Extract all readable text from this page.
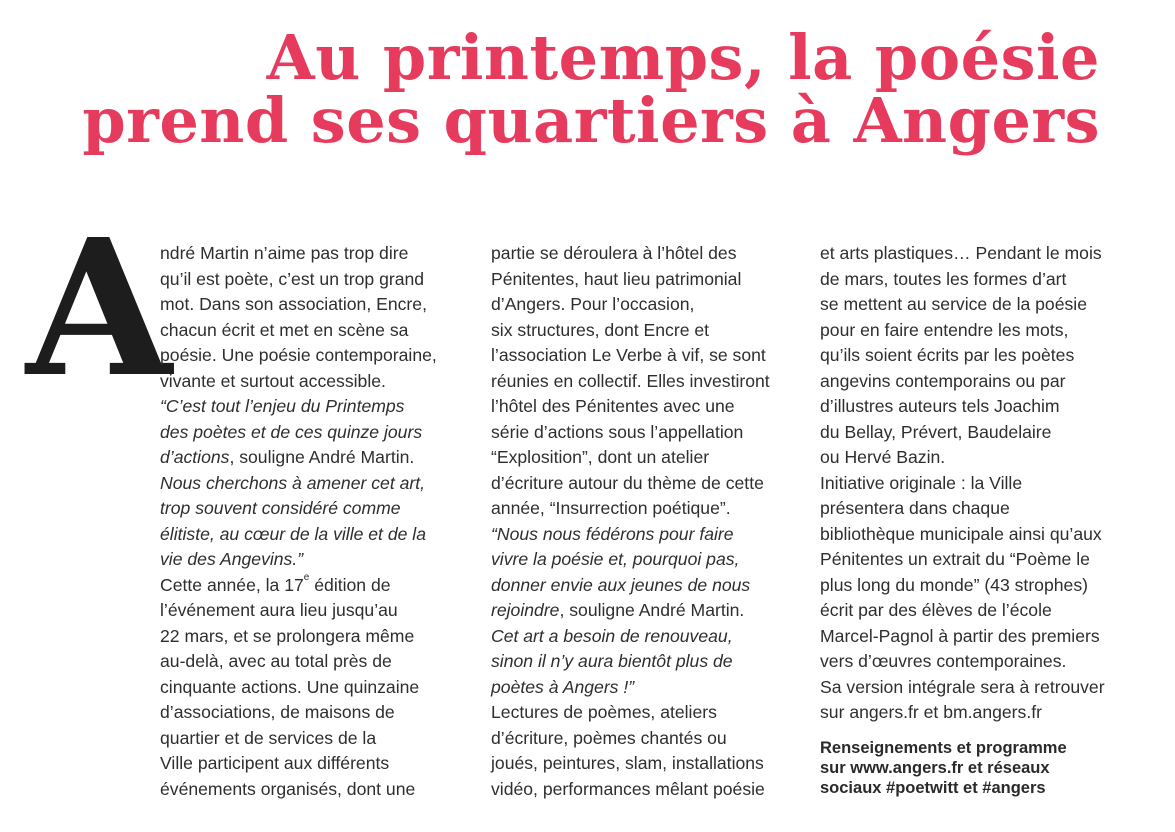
Au printemps, la poésie
prend ses quartiers à Angers
A
ndré Martin n’aime pas trop dire
qu’il est poète, c’est un trop grand
mot. Dans son association, Encre,
chacun écrit et met en scène sa
poésie. Une poésie contemporaine,
vivante et surtout accessible.
“C’est tout l’enjeu du Printemps
des poètes et de ces quinze jours
d’actions, souligne André Martin.
Nous cherchons à amener cet art,
trop souvent considéré comme
élitiste, au cœur de la ville et de la
vie des Angevins.”
Cette année, la 17e édition de
l’événement aura lieu jusqu’au
22 mars, et se prolongera même
au-delà, avec au total près de
cinquante actions. Une quinzaine
d’associations, de maisons de
quartier et de services de la
Ville participent aux différents
événements organisés, dont une
partie se déroulera à l’hôtel des
Pénitentes, haut lieu patrimonial
d’Angers. Pour l’occasion,
six structures, dont Encre et
l’association Le Verbe à vif, se sont
réunies en collectif. Elles investiront
l’hôtel des Pénitentes avec une
série d’actions sous l’appellation
“Explosition”, dont un atelier
d’écriture autour du thème de cette
année, “Insurrection poétique”.
“Nous nous fédérons pour faire
vivre la poésie et, pourquoi pas,
donner envie aux jeunes de nous
rejoindre, souligne André Martin.
Cet art a besoin de renouveau,
sinon il n’y aura bientôt plus de
poètes à Angers !”
Lectures de poèmes, ateliers
d’écriture, poèmes chantés ou
joués, peintures, slam, installations
vidéo, performances mêlant poésie
et arts plastiques… Pendant le mois
de mars, toutes les formes d’art
se mettent au service de la poésie
pour en faire entendre les mots,
qu’ils soient écrits par les poètes
angevins contemporains ou par
d’illustres auteurs tels Joachim
du Bellay, Prévert, Baudelaire
ou Hervé Bazin.
Initiative originale : la Ville
présentera dans chaque
bibliothèque municipale ainsi qu’aux
Pénitentes un extrait du “Poème le
plus long du monde” (43 strophes)
écrit par des élèves de l’école
Marcel-Pagnol à partir des premiers
vers d’œuvres contemporaines.
Sa version intégrale sera à retrouver
sur angers.fr et bm.angers.fr
Renseignements et programme
sur www.angers.fr et réseaux
sociaux #poetwitt et #angers
